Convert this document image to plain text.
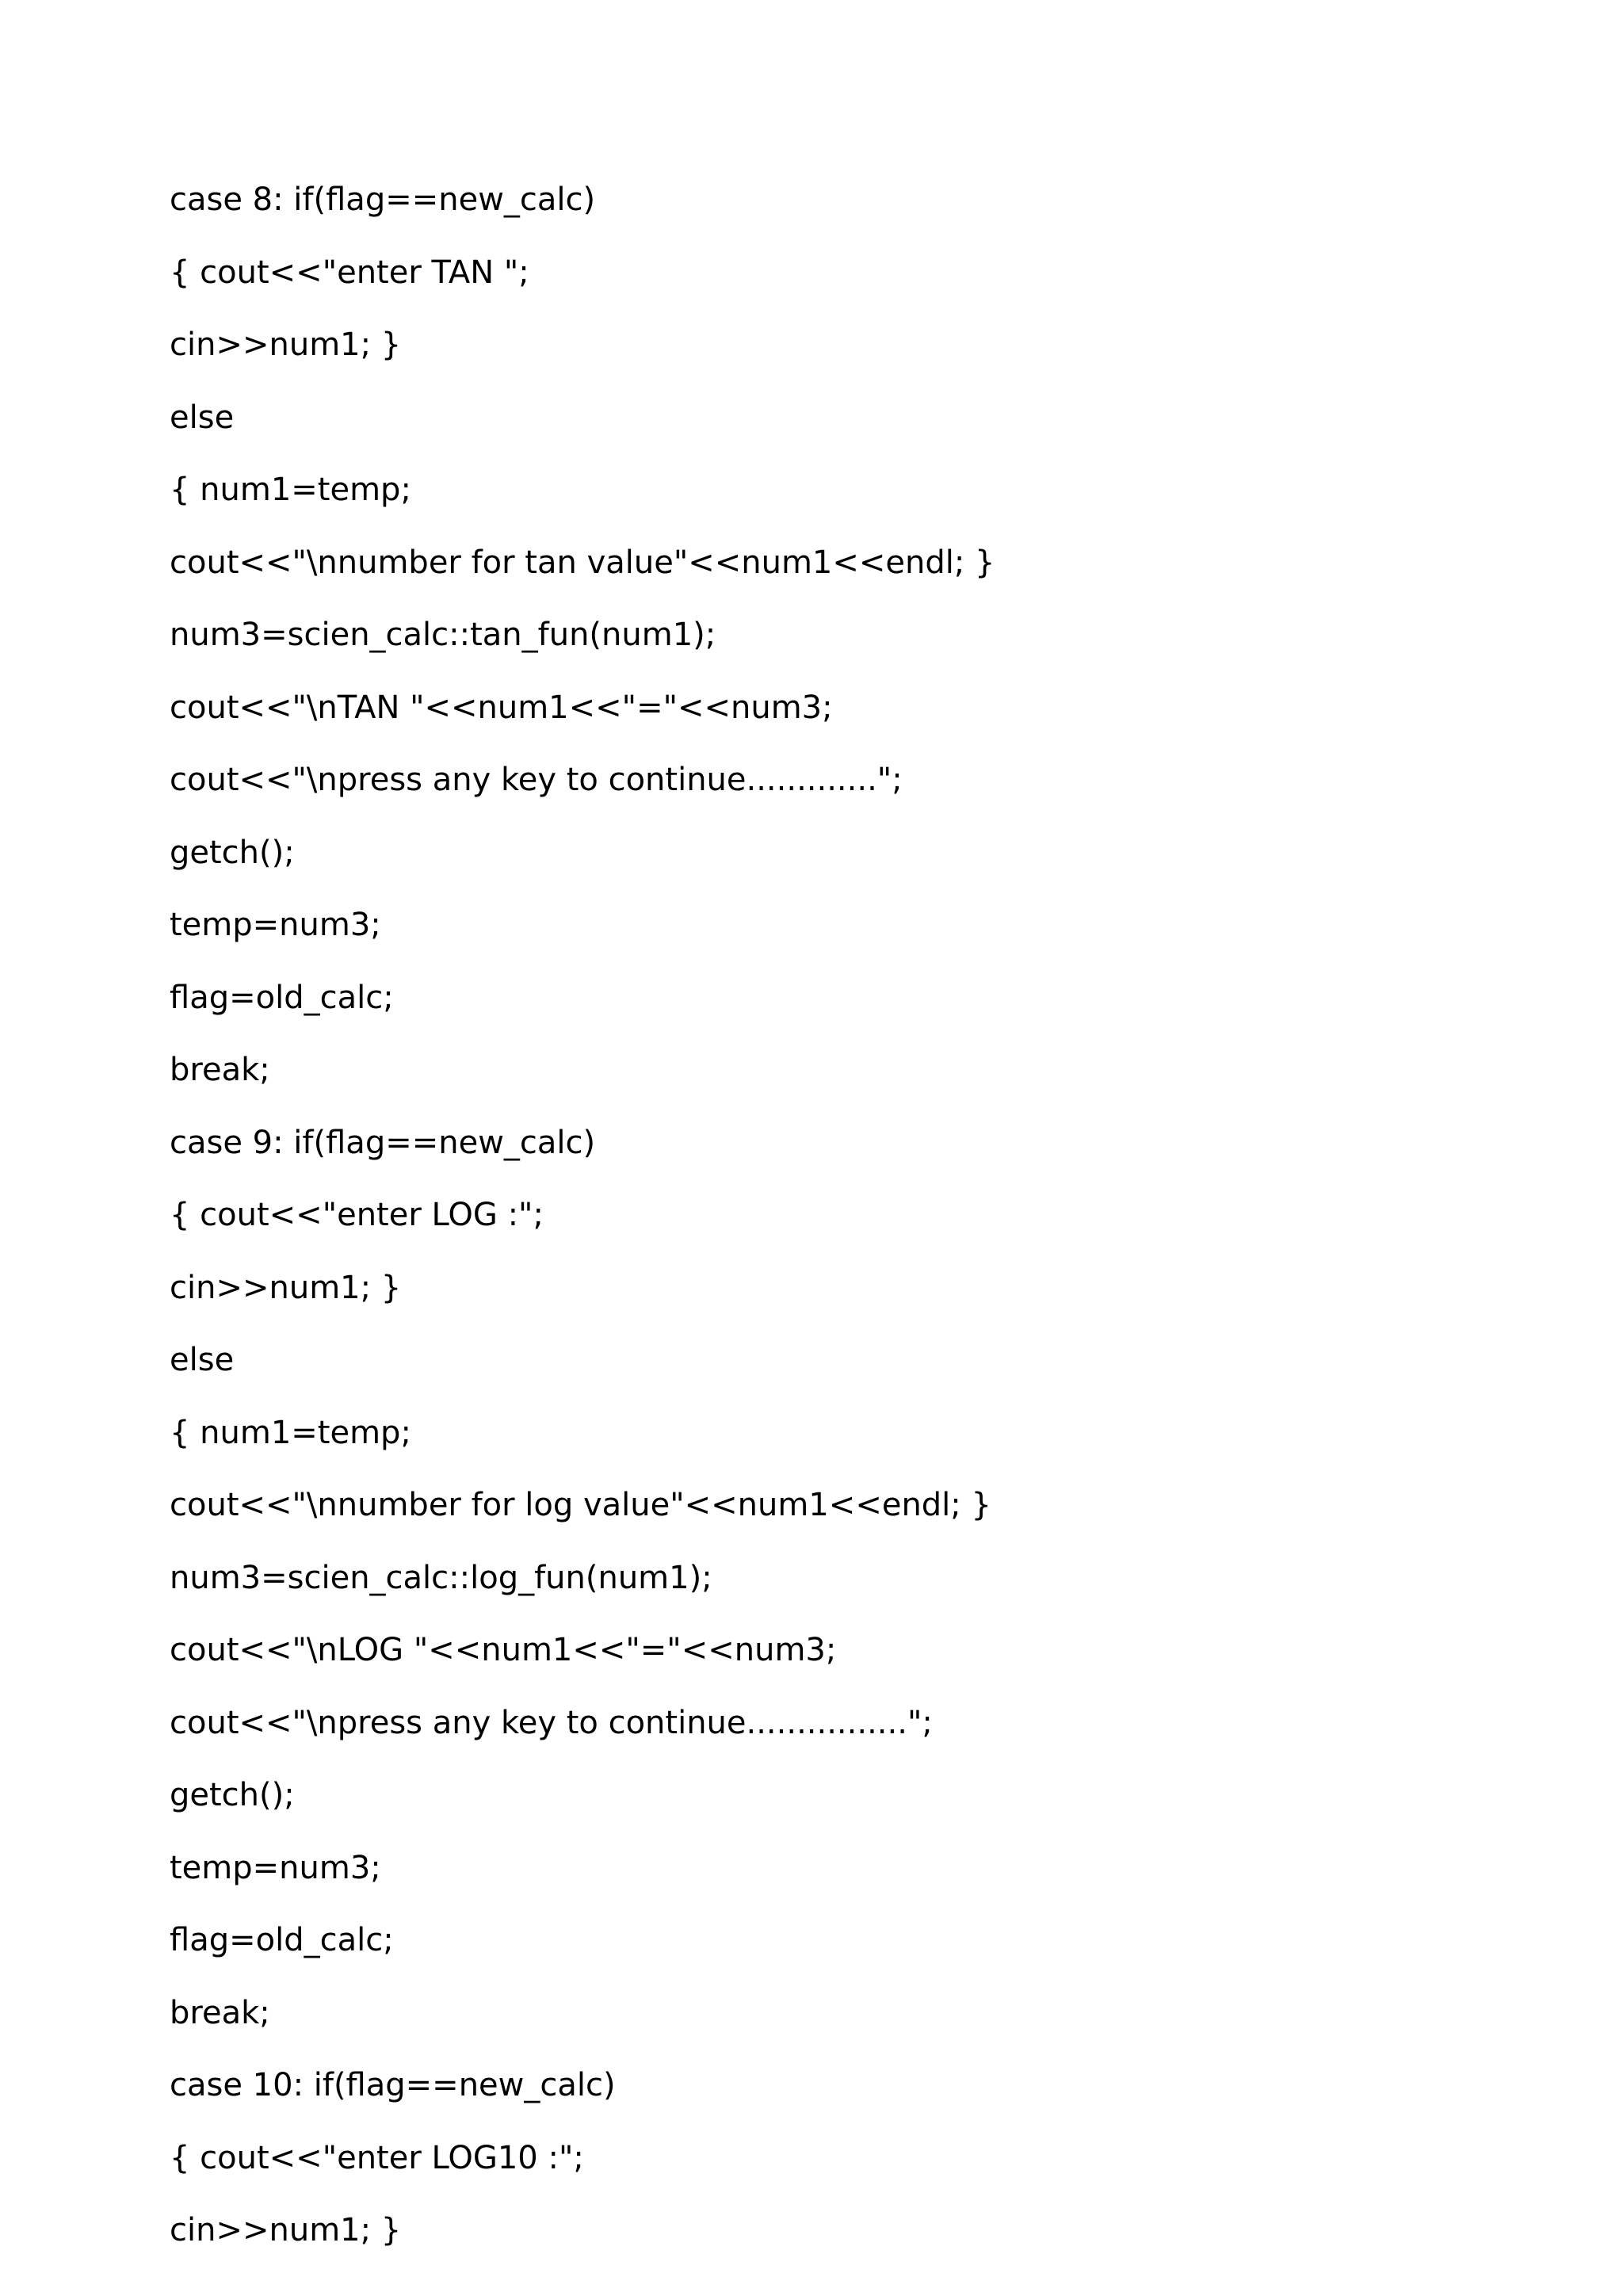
case 8: if(flag==new_calc)
{ cout<<"enter TAN ";
cin>>num1; }
else
{ num1=temp;
cout<<"\nnumber for tan value"<<num1<<endl; }
num3=scien_calc::tan_fun(num1);
cout<<"\nTAN "<<num1<<"="<<num3;
cout<<"\npress any key to continue.............";
getch();
temp=num3;
flag=old_calc;
break;
case 9: if(flag==new_calc)
{ cout<<"enter LOG :";
cin>>num1; }
else
{ num1=temp;
cout<<"\nnumber for log value"<<num1<<endl; }
num3=scien_calc::log_fun(num1);
cout<<"\nLOG "<<num1<<"="<<num3;
cout<<"\npress any key to continue................";
getch();
temp=num3;
flag=old_calc;
break;
case 10: if(flag==new_calc)
{ cout<<"enter LOG10 :";
cin>>num1; }
